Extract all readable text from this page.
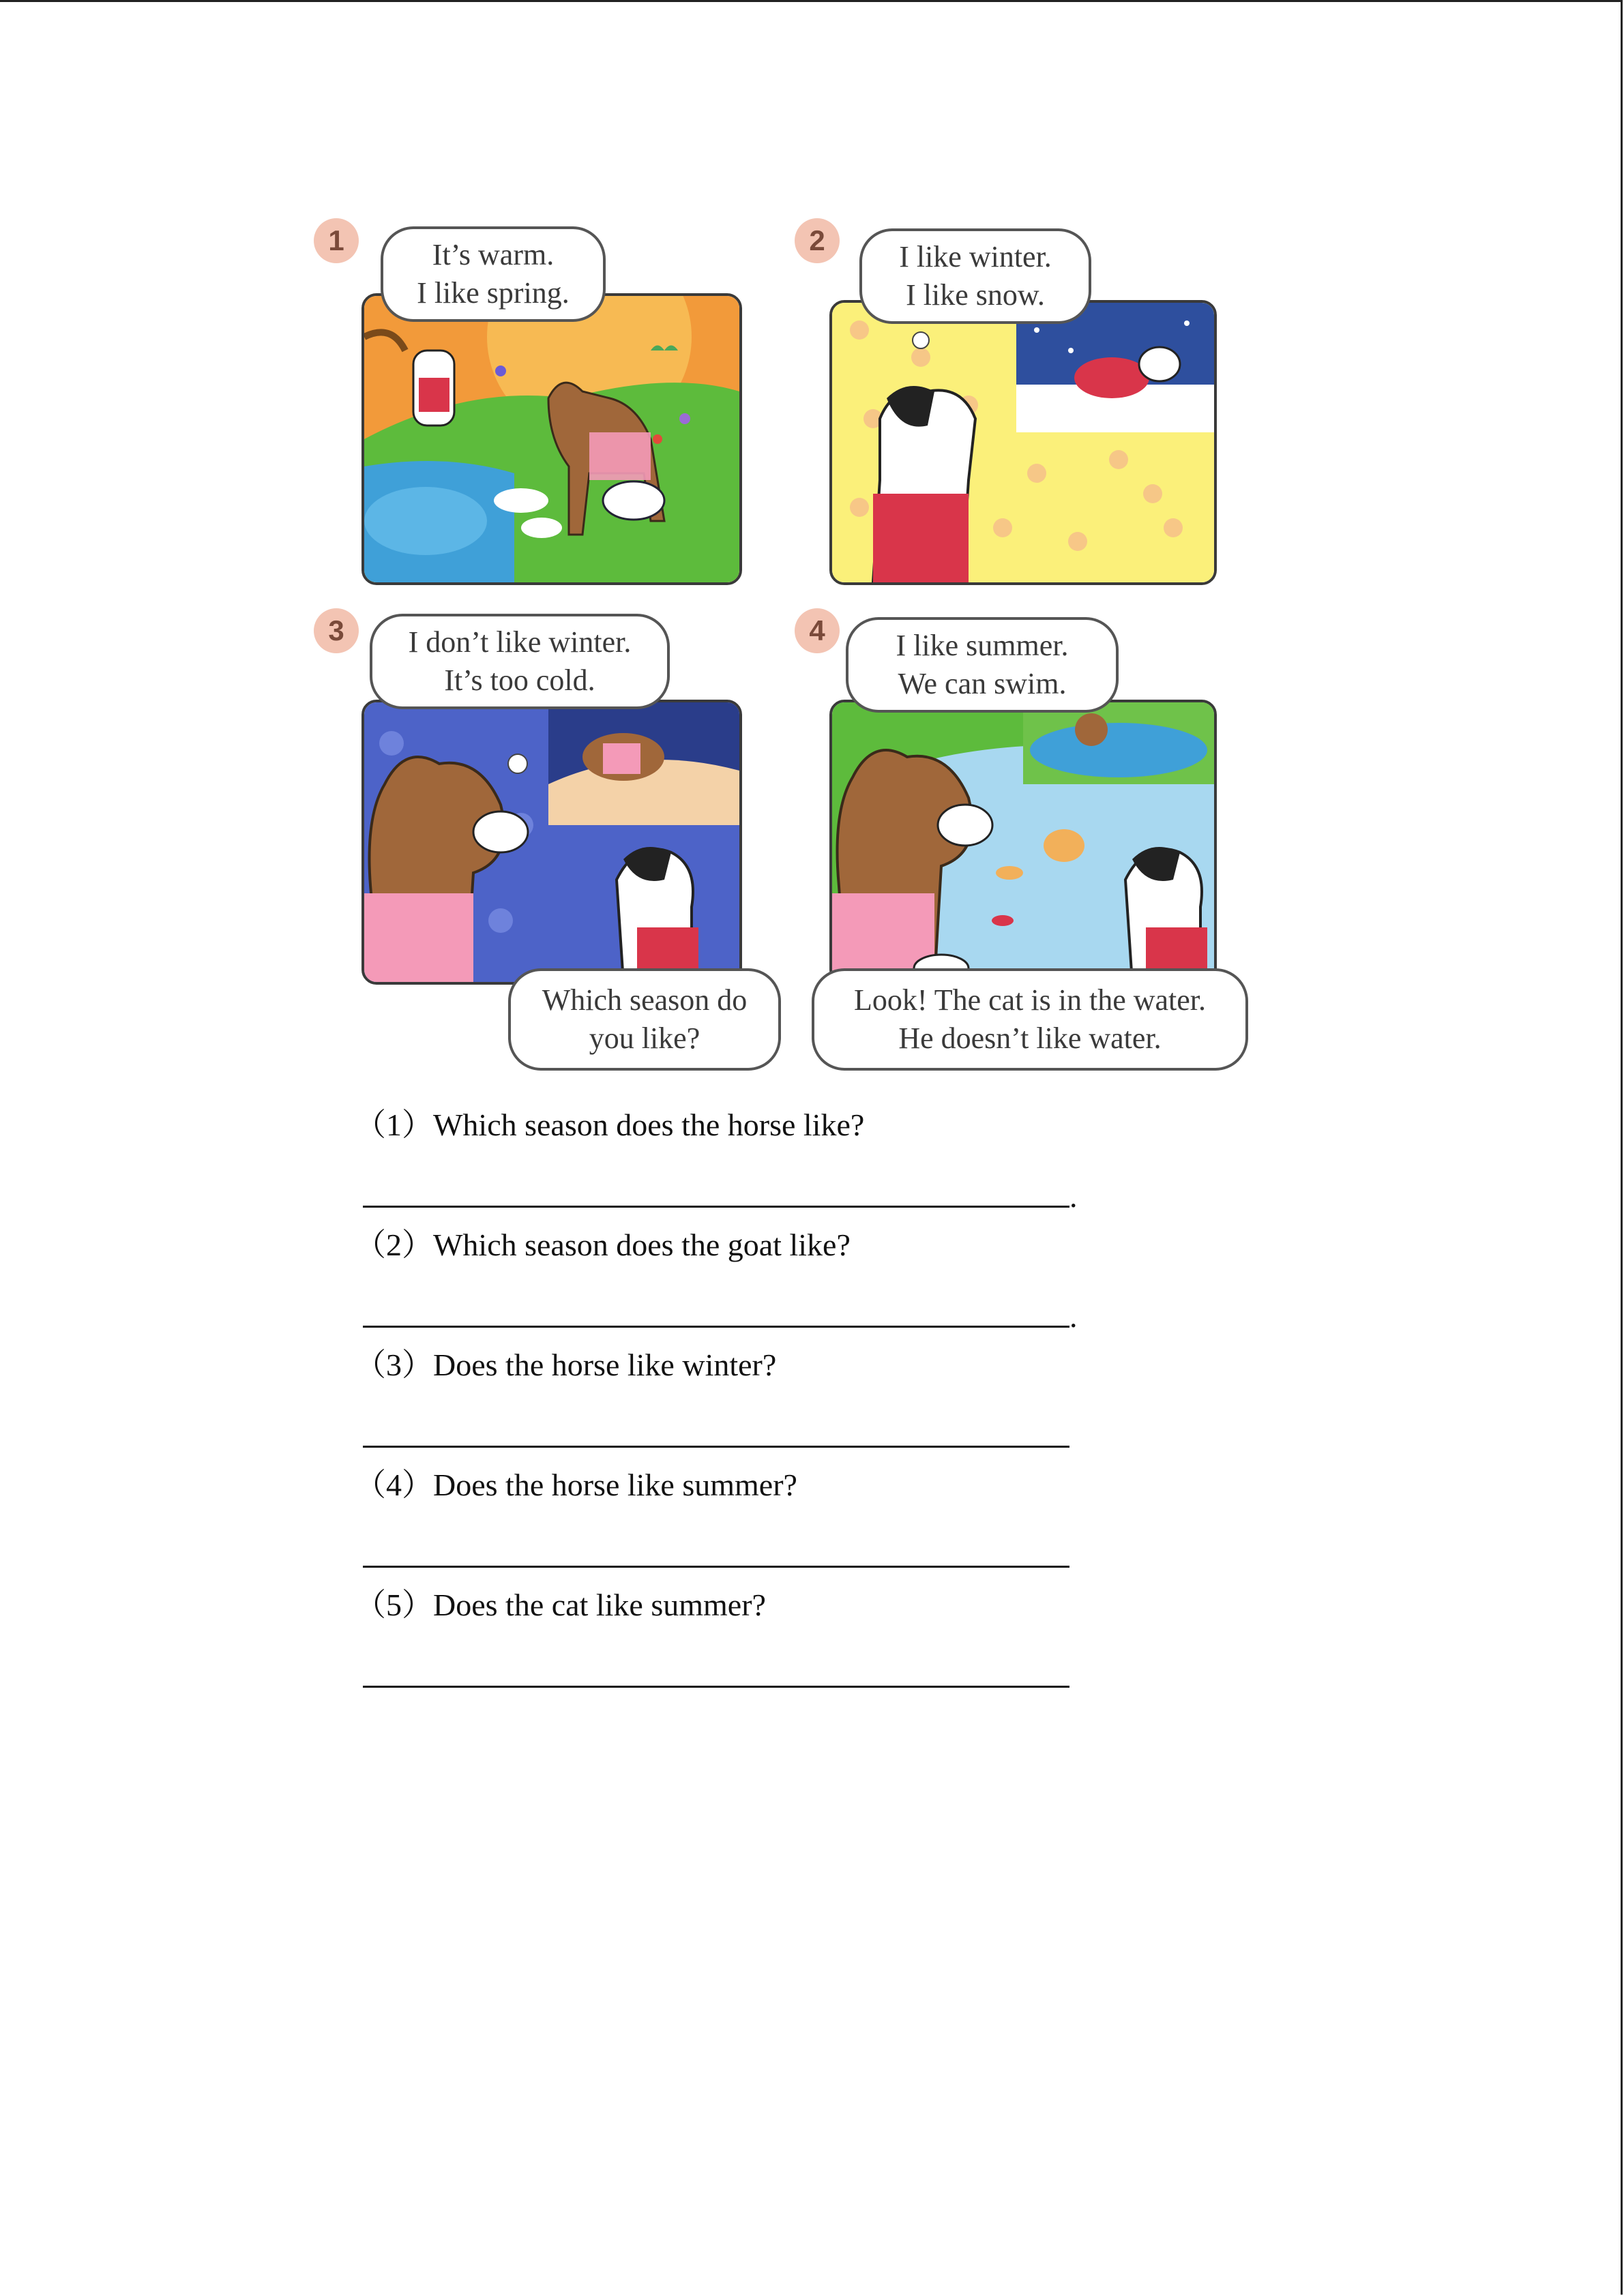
1	It’s warm.
I like spring.
2	I like winter.
I like snow.
3	I don’t like winter.
It’s too cold.
Which season do
you like?
4	I like summer.
We can swim.
Look! The cat is in the water.
He doesn’t like water.
（1）Which season does the horse like?
.
（2）Which season does the goat like?
.
（3）Does the horse like winter?
（4）Does the horse like summer?
（5）Does the cat like summer?
